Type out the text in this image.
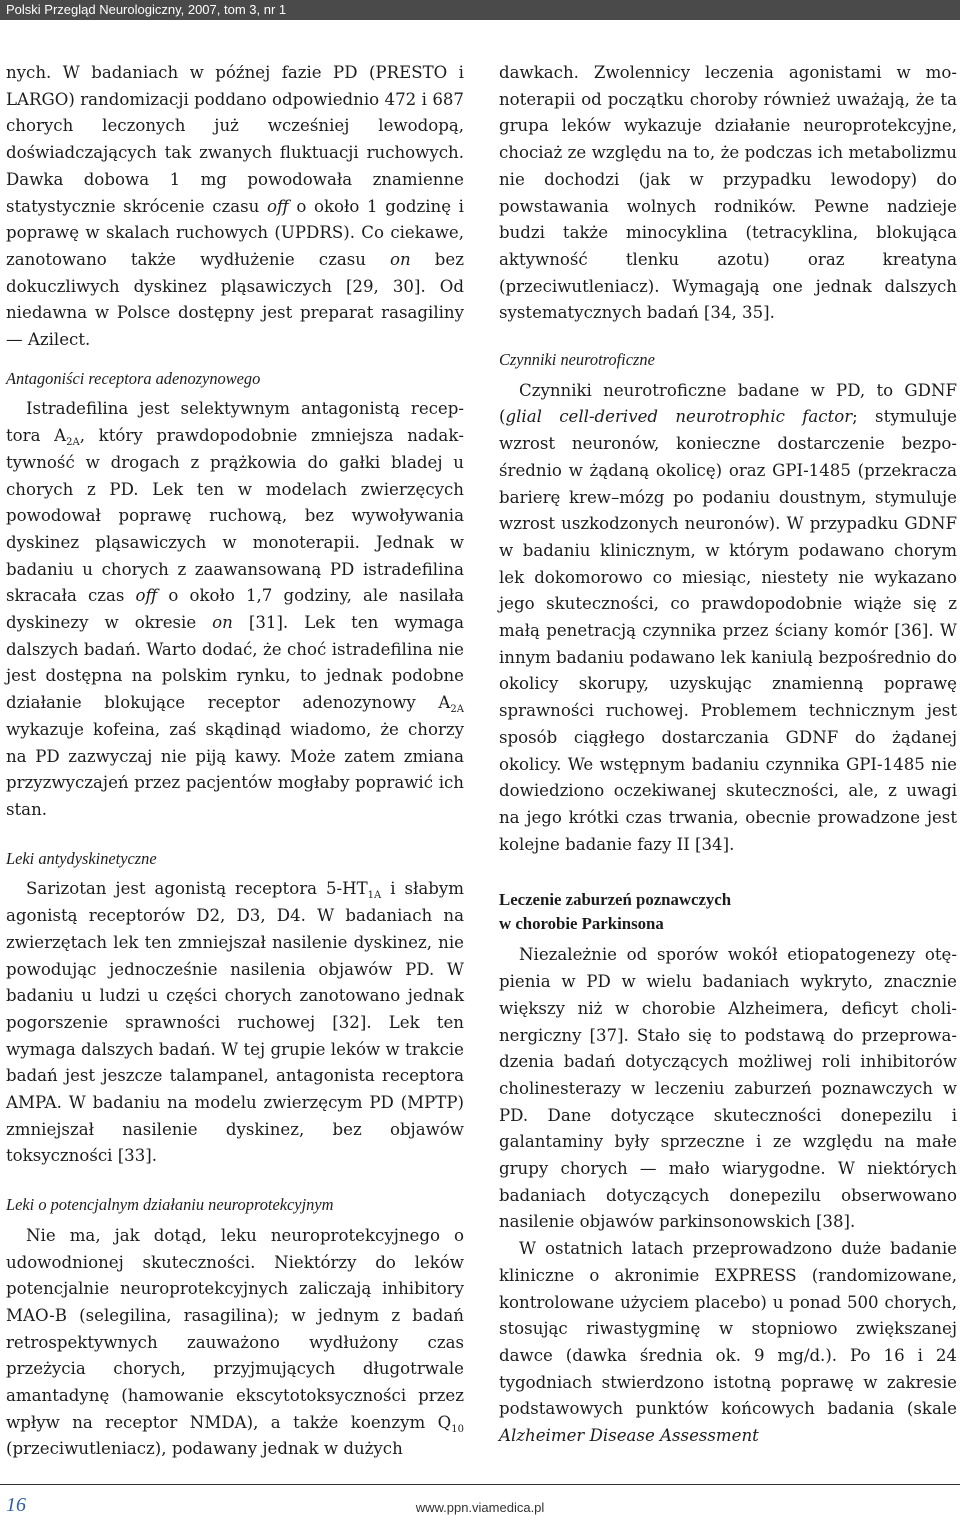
Polski Przegląd Neurologiczny, 2007, tom 3, nr 1

nych. W badaniach w późnej fazie PD (PRESTO i LARGO) randomizacji poddano odpowiednio 472 i 687 chorych leczonych już wcześniej lewodopą, doświadczających tak zwanych fluktuacji ruchowych. Dawka dobowa 1 mg powodowała znamienne statystycznie skrócenie czasu off o około 1 godzinę i poprawę w skalach ruchowych (UPDRS). Co ciekawe, zanotowano także wydłużenie czasu on bez dokuczliwych dyskinez pląsawiczych [29, 30]. Od niedawna w Polsce dostępny jest preparat rasagiliny — Azilect.

Antagoniści receptora adenozynowego

Istradefilina jest selektywnym antagonistą receptora $A_{2A}$, który prawdopodobnie zmniejsza nadaktywność w drogach z prążkowia do gałki bladej u chorych z PD. Lek ten w modelach zwierzęcych powodował poprawę ruchową, bez wywoływania dyskinez pląsawiczych w monoterapii. Jednak w badaniu u chorych z zaawansowaną PD istradefilina skracała czas off o około 1,7 godziny, ale nasilała dyskinezy w okresie on [31]. Lek ten wymaga dalszych badań. Warto dodać, że choć istradefilina nie jest dostępna na polskim rynku, to jednak podobne działanie blokujące receptor adenozynowy $A_{2A}$ wykazuje kofeina, zaś skądinąd wiadomo, że chorzy na PD zazwyczaj nie piją kawy. Może zatem zmiana przyzwyczajeń przez pacjentów mogłaby poprawić ich stan.

Leki antydyskinetyczne

Sarizotan jest agonistą receptora $5-HT_{1A}$ i słabym agonistą receptorów D2, D3, D4. W badaniach na zwierzętach lek ten zmniejszał nasilenie dyskinez, nie powodując jednocześnie nasilenia objawów PD. W badaniu u ludzi u części chorych zanotowano jednak pogorszenie sprawności ruchowej [32]. Lek ten wymaga dalszych badań. W tej grupie leków w trakcie badań jest jeszcze talampanel, antagonista receptora AMPA. W badaniu na modelu zwierzęcym PD (MPTP) zmniejszał nasilenie dyskinez, bez objawów toksyczności [33].

Leki o potencjalnym działaniu neuroprotekcyjnym

Nie ma, jak dotąd, leku neuroprotekcyjnego o udowodnionej skuteczności. Niektórzy do leków potencjalnie neuroprotekcyjnych zaliczają inhibitory MAO-B (selegilina, rasagilina); w jednym z badań retrospektywnych zauważono wydłużony czas przeżycia chorych, przyjmujących długotrwale amantadynę (hamowanie ekscytotoksyczności przez wpływ na receptor NMDA), a także koenzym $Q_{10}$ (przeciwutleniacz), podawany jednak w dużych

dawkach. Zwolennicy leczenia agonistami w monoterapii od początku choroby również uważają, że ta grupa leków wykazuje działanie neuroprotekcyjne, chociaż ze względu na to, że podczas ich metabolizmu nie dochodzi (jak w przypadku lewodopy) do powstawania wolnych rodników. Pewne nadzieje budzi także minocyklina (tetracyklina, blokująca aktywność tlenku azotu) oraz kreatyna (przeciwutleniacz). Wymagają one jednak dalszych systematycznych badań [34, 35].

Czynniki neurotroficzne

Czynniki neurotroficzne badane w PD, to GDNF (glial cell-derived neurotrophic factor; stymuluje wzrost neuronów, konieczne dostarczenie bezpośrednio w żądaną okolicę) oraz GPI-1485 (przekracza barierę krew–mózg po podaniu doustnym, stymuluje wzrost uszkodzonych neuronów). W przypadku GDNF w badaniu klinicznym, w którym podawano chorym lek dokomorowo co miesiąc, niestety nie wykazano jego skuteczności, co prawdopodobnie wiąże się z małą penetracją czynnika przez ściany komór [36]. W innym badaniu podawano lek kaniulą bezpośrednio do okolicy skorupy, uzyskując znamienną poprawę sprawności ruchowej. Problemem technicznym jest sposób ciągłego dostarczania GDNF do żądanej okolicy. We wstępnym badaniu czynnika GPI-1485 nie dowiedziono oczekiwanej skuteczności, ale, z uwagi na jego krótki czas trwania, obecnie prowadzone jest kolejne badanie fazy II [34].

Leczenie zaburzeń poznawczych
w chorobie Parkinsona

Niezależnie od sporów wokół etiopatogenezy otępienia w PD w wielu badaniach wykryto, znacznie większy niż w chorobie Alzheimera, deficyt cholinergiczny [37]. Stało się to podstawą do przeprowadzenia badań dotyczących możliwej roli inhibitorów cholinesterazy w leczeniu zaburzeń poznawczych w PD. Dane dotyczące skuteczności donepezilu i galantaminy były sprzeczne i ze względu na małe grupy chorych — mało wiarygodne. W niektórych badaniach dotyczących donepezilu obserwowano nasilenie objawów parkinsonowskich [38].

W ostatnich latach przeprowadzono duże badanie kliniczne o akronimie EXPRESS (randomizowane, kontrolowane użyciem placebo) u ponad 500 chorych, stosując riwastygminę w stopniowo zwiększanej dawce (dawka średnia ok. 9 mg/d.). Po 16 i 24 tygodniach stwierdzono istotną poprawę w zakresie podstawowych punktów końcowych badania (skale Alzheimer Disease Assessment

16	www.ppn.viamedica.pl
